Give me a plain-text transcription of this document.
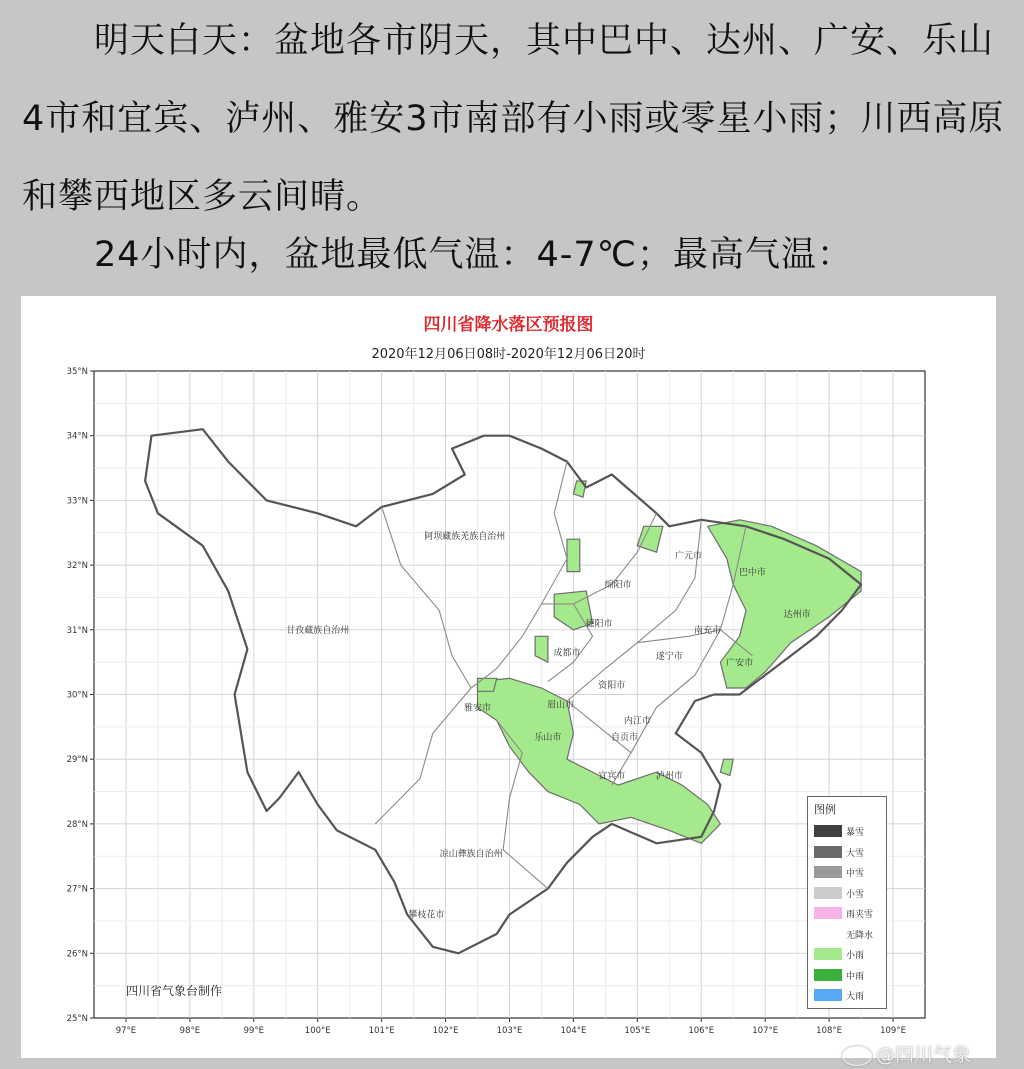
明天白天：盆地各市阴天，其中巴中、达州、广安、乐山4市和宜宾、泸州、雅安3市南部有小雨或零星小雨；川西高原和攀西地区多云间晴。
24小时内，盆地最低气温：4-7℃；最高气温：
35°N
34°N
33°N
32°N
31°N
30°N
29°N
28°N
27°N
26°N
25°N
97°E	98°E	99°E	100°E	101°E	102°E	103°E	104°E	105°E	106°E	107°E	108°E	109°E
阿坝藏族羌族自治州
甘孜藏族自治州
凉山彝族自治州
攀枝花市
广元市
巴中市
绵阳市
德阳市
达州市
南充市
成都市	遂宁市
广安市
资阳市
雅安市	眉山市
内江市
乐山市	自贡市
宜宾市	泸州市
四川省降水落区预报图
2020年12月06日08时-2020年12月06日20时
四川省气象台制作
图例
暴雪
大雪
中雪
小雪
雨夹雪
无降水
小雨
中雨
大雨
@四川气象
